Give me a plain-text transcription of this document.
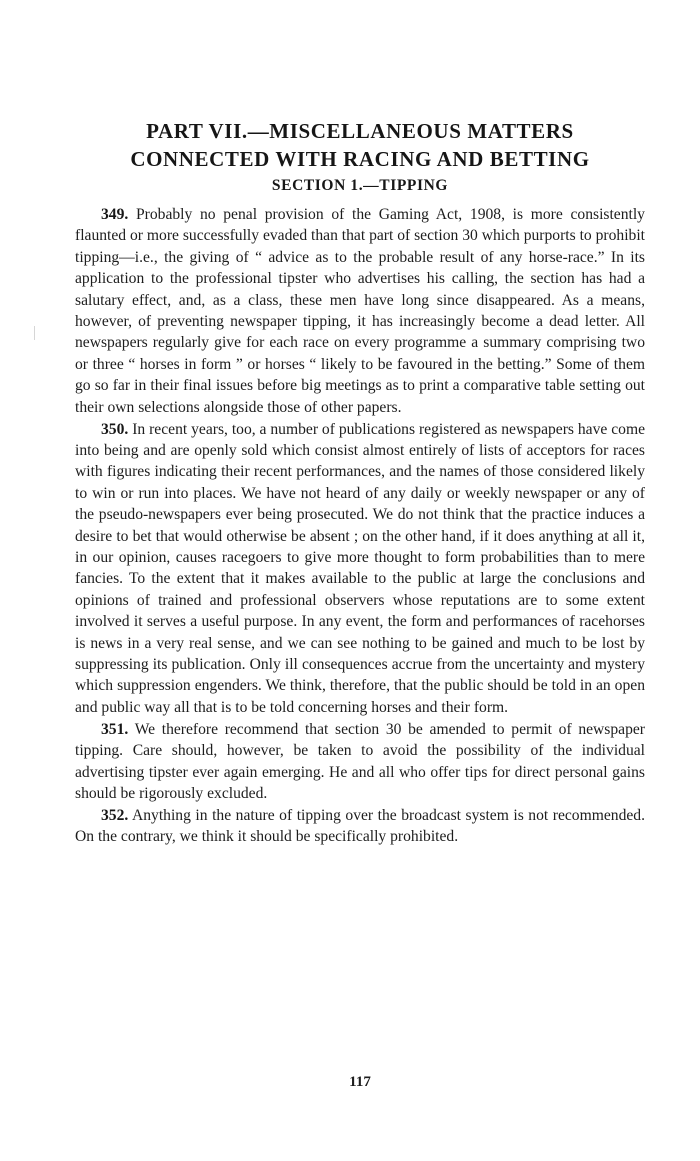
PART VII.—MISCELLANEOUS MATTERS
CONNECTED WITH RACING AND BETTING
SECTION 1.—TIPPING

349. Probably no penal provision of the Gaming Act, 1908, is more consistently flaunted or more successfully evaded than that part of section 30 which purports to prohibit tipping—i.e., the giving of “ advice as to the probable result of any horse-race.” In its application to the professional tipster who advertises his calling, the section has had a salutary effect, and, as a class, these men have long since disappeared. As a means, however, of preventing newspaper tipping, it has increasingly become a dead letter. All newspapers regularly give for each race on every programme a summary comprising two or three “ horses in form ” or horses “ likely to be favoured in the betting.” Some of them go so far in their final issues before big meetings as to print a comparative table setting out their own selections alongside those of other papers.

350. In recent years, too, a number of publications registered as newspapers have come into being and are openly sold which consist almost entirely of lists of acceptors for races with figures indicating their recent performances, and the names of those considered likely to win or run into places. We have not heard of any daily or weekly newspaper or any of the pseudo-newspapers ever being prosecuted. We do not think that the practice induces a desire to bet that would otherwise be absent ; on the other hand, if it does anything at all it, in our opinion, causes racegoers to give more thought to form probabilities than to mere fancies. To the extent that it makes available to the public at large the conclusions and opinions of trained and professional observers whose reputations are to some extent involved it serves a useful purpose. In any event, the form and performances of racehorses is news in a very real sense, and we can see nothing to be gained and much to be lost by suppressing its publication. Only ill consequences accrue from the uncertainty and mystery which suppression engenders. We think, therefore, that the public should be told in an open and public way all that is to be told concerning horses and their form.

351. We therefore recommend that section 30 be amended to permit of newspaper tipping. Care should, however, be taken to avoid the possibility of the individual advertising tipster ever again emerging. He and all who offer tips for direct personal gains should be rigorously excluded.

352. Anything in the nature of tipping over the broadcast system is not recommended. On the contrary, we think it should be specifically prohibited.

117
